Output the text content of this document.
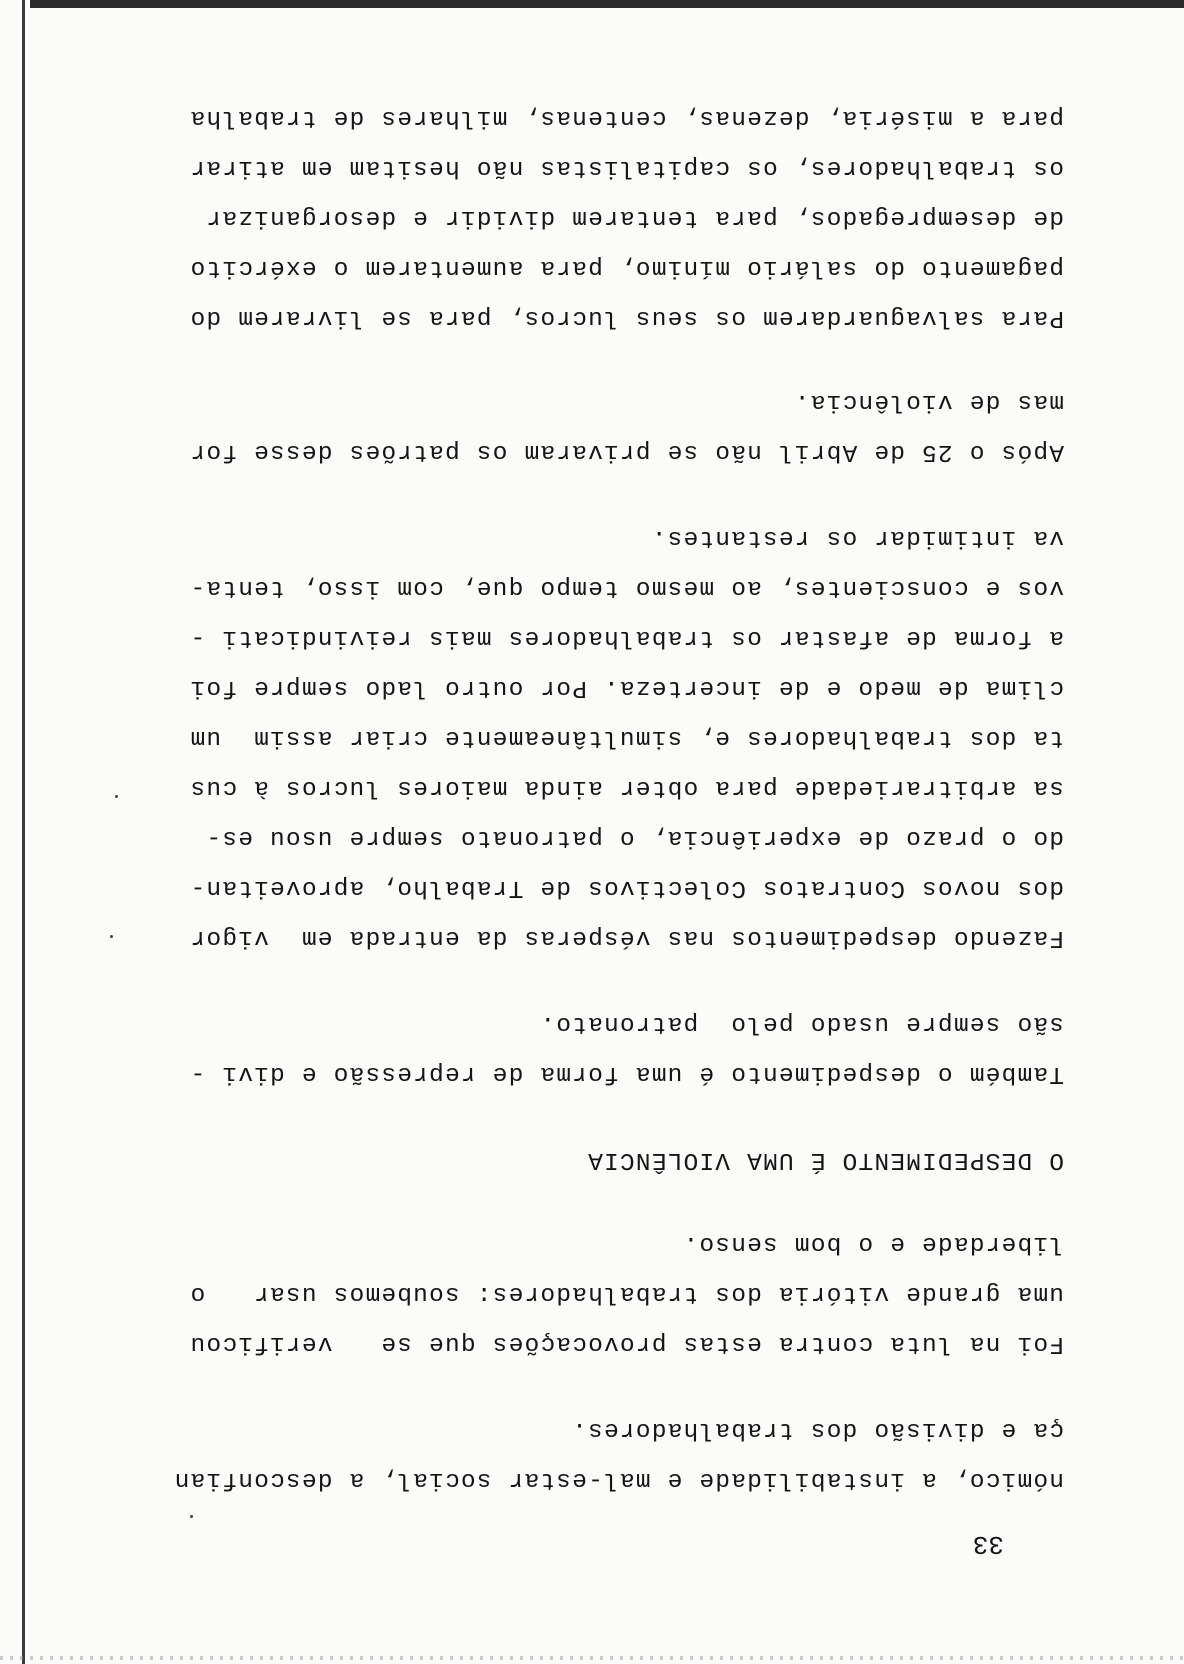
33
nómico, a instabilidade e mal-estar social, a desconfian
ça e divisão dos trabalhadores.
Foi na luta contra estas provocações que se   verificou
uma grande vitória dos trabalhadores: soubemos usar   o
liberdade e o bom senso.
O DESPEDIMENTO É UMA VIOLÊNCIA
Também o despedimento é uma forma de repressão e divi -
são sempre usado pelo  patronato.
Fazendo despedimentos nas vésperas da entrada em  vigor
dos novos Contratos Colectivos de Trabalho, aproveitan-
do o prazo de experiência, o patronato sempre usou es-
sa arbitrariedade para obter ainda maiores lucros à cus
ta dos trabalhadores e, simultâneamente criar assim  um
clima de medo e de incerteza. Por outro lado sempre foi
a forma de afastar os trabalhadores mais reivindicati -
vos e conscientes, ao mesmo tempo que, com isso, tenta-
va intimidar os restantes.
Após o 25 de Abril não se privaram os patrões desse for
mas de violência.
Para salvaguardarem os seus lucros, para se livrarem do
pagamento do salário mínimo, para aumentarem o exército
de desempregados, para tentarem dividir e desorganizar
os trabalhadores, os capitalistas não hesitam em atirar
para a miséria, dezenas, centenas, milhares de trabalha
